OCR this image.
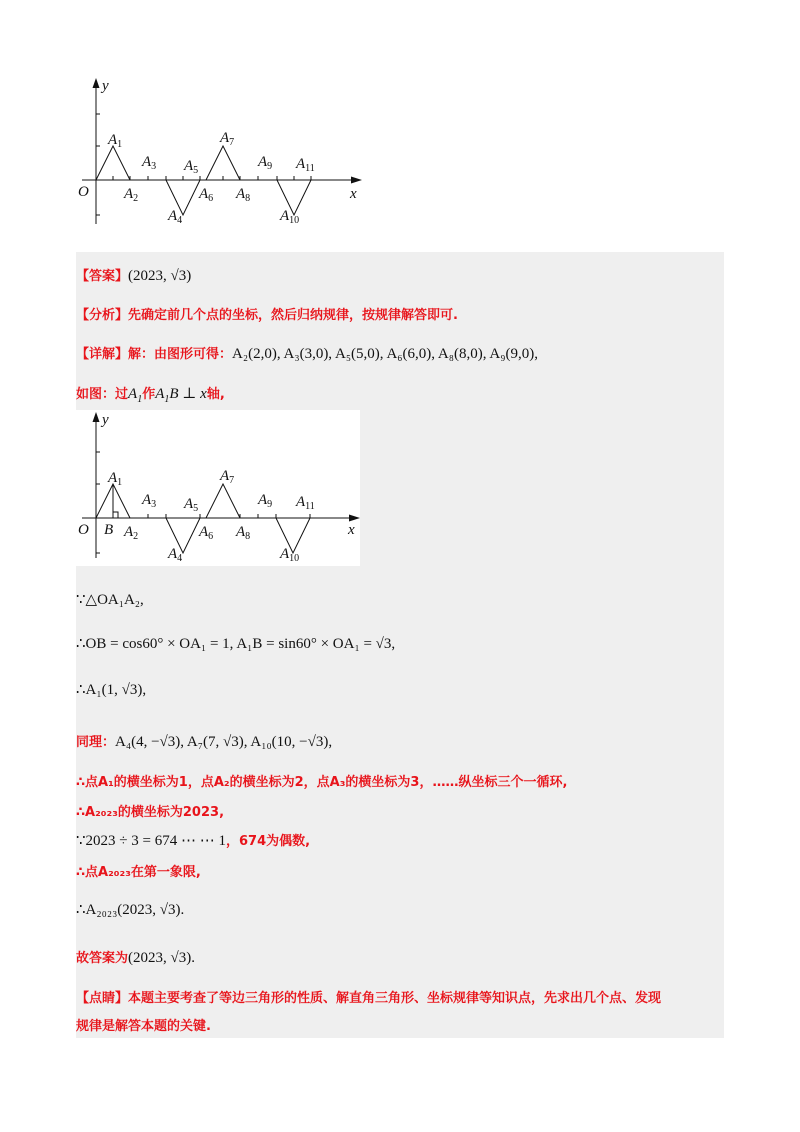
y
x
O
$A_1$
$A_2$
$A_3$
$A_4$
$A_5$
$A_6$
$A_7$
$A_8$
$A_9$
$A_{10}$
$A_{11}$
【答案】(2023, √3)
【分析】先确定前几个点的坐标，然后归纳规律，按规律解答即可.
【详解】解：由图形可得：A₂(2,0), A₃(3,0), A₅(5,0), A₆(6,0), A₈(8,0), A₉(9,0),
如图：过$A_1$作$A_1B$ ⊥ x轴,
y
x
O B
$A_1$
$A_2$
$A_3$
$A_4$
$A_5$
$A_6$
$A_7$
$A_8$
$A_9$
$A_{10}$
$A_{11}$
∵△OA₁A₂,
∴OB = cos60° × OA₁ = 1, A₁B = sin60° × OA₁ = √3,
∴A₁(1, √3),
同理：A₄(4, −√3), A₇(7, √3), A₁₀(10, −√3),
∴点A₁的横坐标为1，点A₂的横坐标为2，点A₃的横坐标为3，……纵坐标三个一循环,
∴A₂₀₂₃的横坐标为2023,
∵2023 ÷ 3 = 674 ⋯ ⋯ 1，674为偶数,
∴点A₂₀₂₃在第一象限,
∴A₂₀₂₃(2023, √3).
故答案为(2023, √3).
【点睛】本题主要考查了等边三角形的性质、解直角三角形、坐标规律等知识点，先求出几个点、发现
规律是解答本题的关键.
